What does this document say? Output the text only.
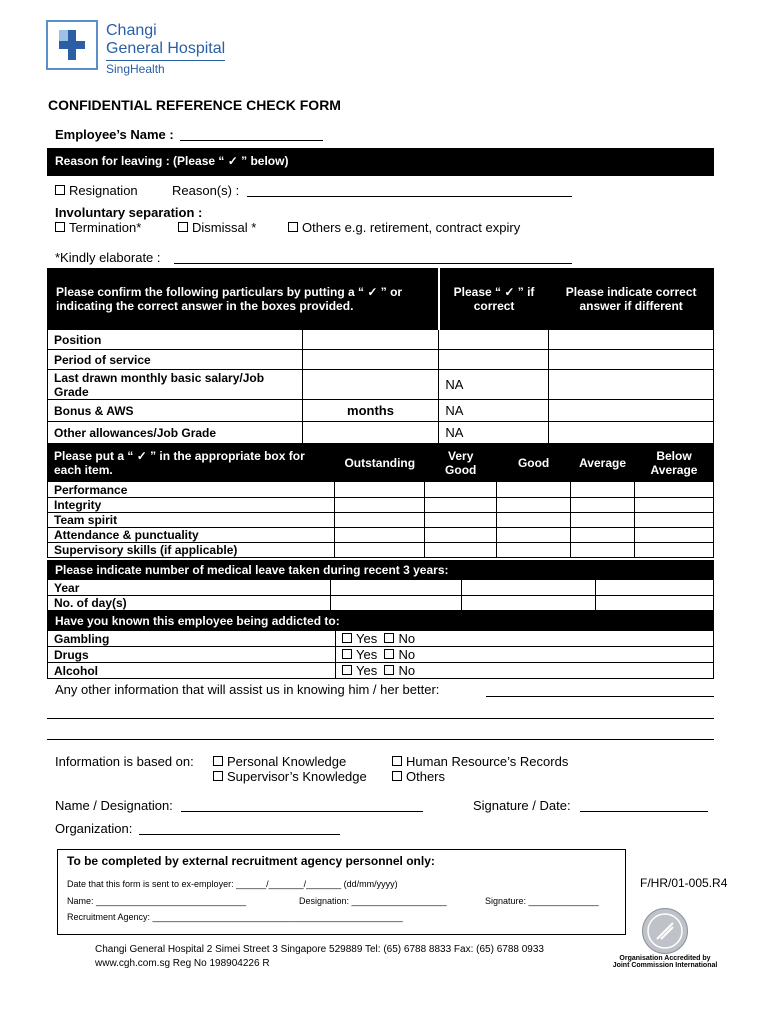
Changi
General Hospital
SingHealth
CONFIDENTIAL REFERENCE CHECK FORM
Employee’s Name :
Reason for leaving : (Please “ ✓ ” below)
Resignation	Reason(s) :
Involuntary separation :
Termination*	Dismissal *	Others e.g. retirement, contract expiry
*Kindly elaborate :
Please confirm the following particulars by putting a “ ✓ ” or indicating the correct answer in the boxes provided.		Please “ ✓ ” if correct	Please indicate correct answer if different
Position			
Period of service			
Last drawn monthly basic salary/Job Grade		NA	
Bonus & AWS	months	NA	
Other allowances/Job Grade		NA	
Please put a “ ✓ ” in the appropriate box for each item.	Outstanding	Very Good	Good	Average	Below Average
Performance					
Integrity					
Team spirit					
Attendance & punctuality					
Supervisory skills (if applicable)					
Please indicate number of medical leave taken during recent 3 years:
Year			
No. of day(s)			
Have you known this employee being addicted to:
Gambling	Yes No
Drugs	Yes No
Alcohol	Yes No
Any other information that will assist us in knowing him / her better:
Information is based on:	Personal Knowledge	Human Resource’s Records
Supervisor’s Knowledge	Others
Name / Designation:	Signature / Date:
Organization:
To be completed by external recruitment agency personnel only:
Date that this form is sent to ex-employer: ______/_______/_______ (dd/mm/yyyy)
Name: ______________________________	Designation: ___________________	Signature: ______________
Recruitment Agency: __________________________________________________
F/HR/01-005.R4
Organisation Accredited by
Joint Commission International
Changi General Hospital 2 Simei Street 3 Singapore 529889 Tel: (65) 6788 8833 Fax: (65) 6788 0933
www.cgh.com.sg Reg No 198904226 R
